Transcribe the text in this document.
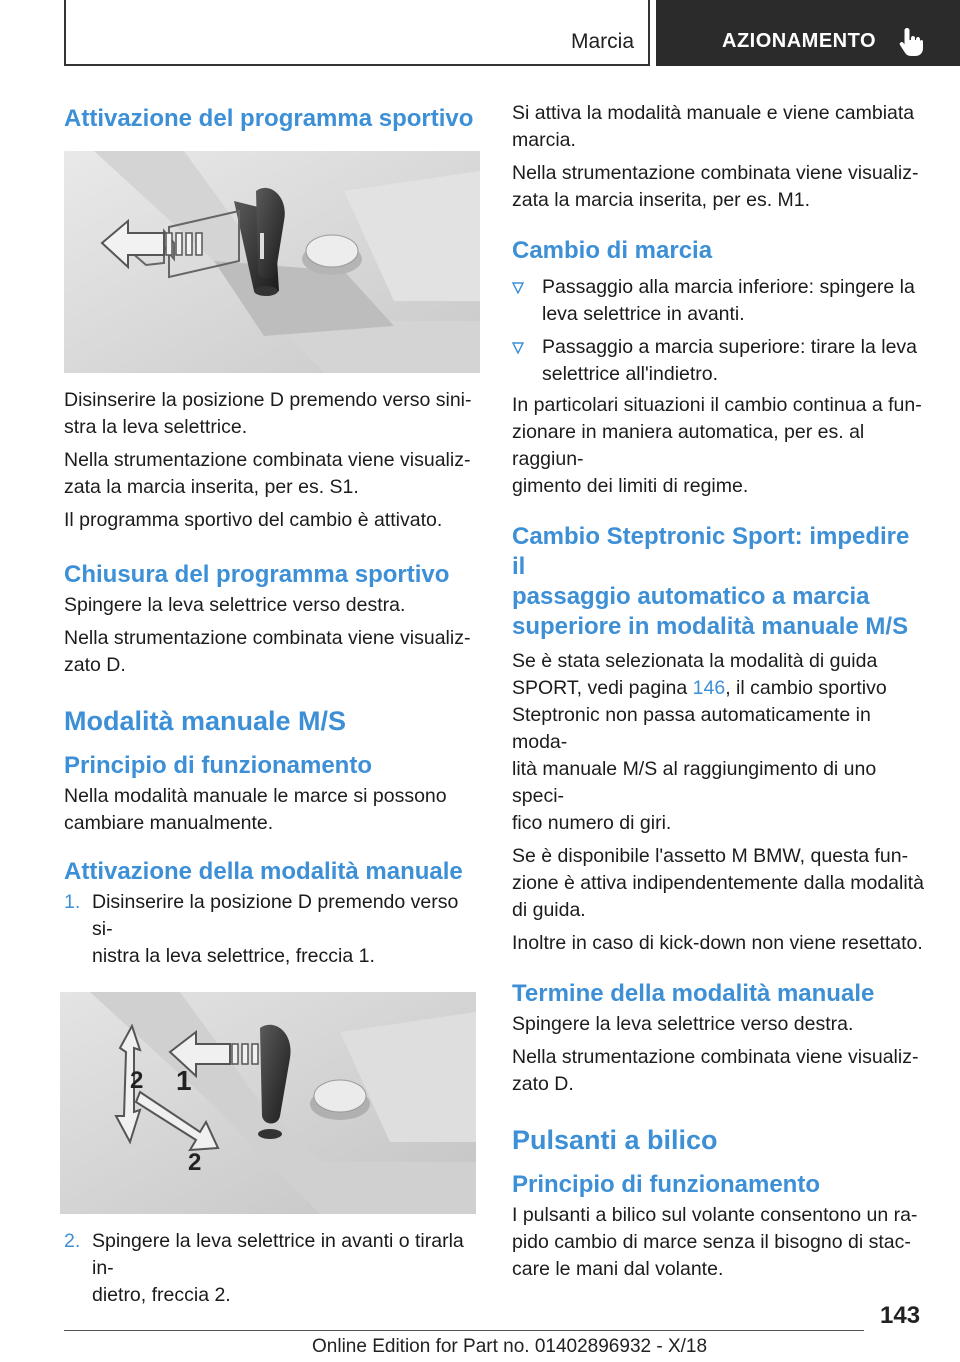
Marcia	AZIONAMENTO
Attivazione del programma sportivo

Disinserire la posizione D premendo verso sini-
stra la leva selettrice.

Nella strumentazione combinata viene visualiz-
zata la marcia inserita, per es. S1.

Il programma sportivo del cambio è attivato.

Chiusura del programma sportivo

Spingere la leva selettrice verso destra.

Nella strumentazione combinata viene visualiz-
zato D.

Modalità manuale M/S
Principio di funzionamento

Nella modalità manuale le marce si possono
cambiare manualmente.

Attivazione della modalità manuale
1. Disinserire la posizione D premendo verso si-
nistra la leva selettrice, freccia 1.
1
2
2
2. Spingere la leva selettrice in avanti o tirarla in-
dietro, freccia 2.

Si attiva la modalità manuale e viene cambiata
marcia.

Nella strumentazione combinata viene visualiz-
zata la marcia inserita, per es. M1.

Cambio di marcia
Passaggio alla marcia inferiore: spingere la
leva selettrice in avanti.
Passaggio a marcia superiore: tirare la leva
selettrice all'indietro.

In particolari situazioni il cambio continua a fun-
zionare in maniera automatica, per es. al raggiun-
gimento dei limiti di regime.

Cambio Steptronic Sport: impedire il
passaggio automatico a marcia
superiore in modalità manuale M/S

Se è stata selezionata la modalità di guida
SPORT, vedi pagina 146, il cambio sportivo
Steptronic non passa automaticamente in moda-
lità manuale M/S al raggiungimento di uno speci-
fico numero di giri.

Se è disponibile l'assetto M BMW, questa fun-
zione è attiva indipendentemente dalla modalità
di guida.

Inoltre in caso di kick-down non viene resettato.

Termine della modalità manuale

Spingere la leva selettrice verso destra.

Nella strumentazione combinata viene visualiz-
zato D.

Pulsanti a bilico
Principio di funzionamento

I pulsanti a bilico sul volante consentono un ra-
pido cambio di marce senza il bisogno di stac-
care le mani dal volante.

143
Online Edition for Part no. 01402896932 - X/18
